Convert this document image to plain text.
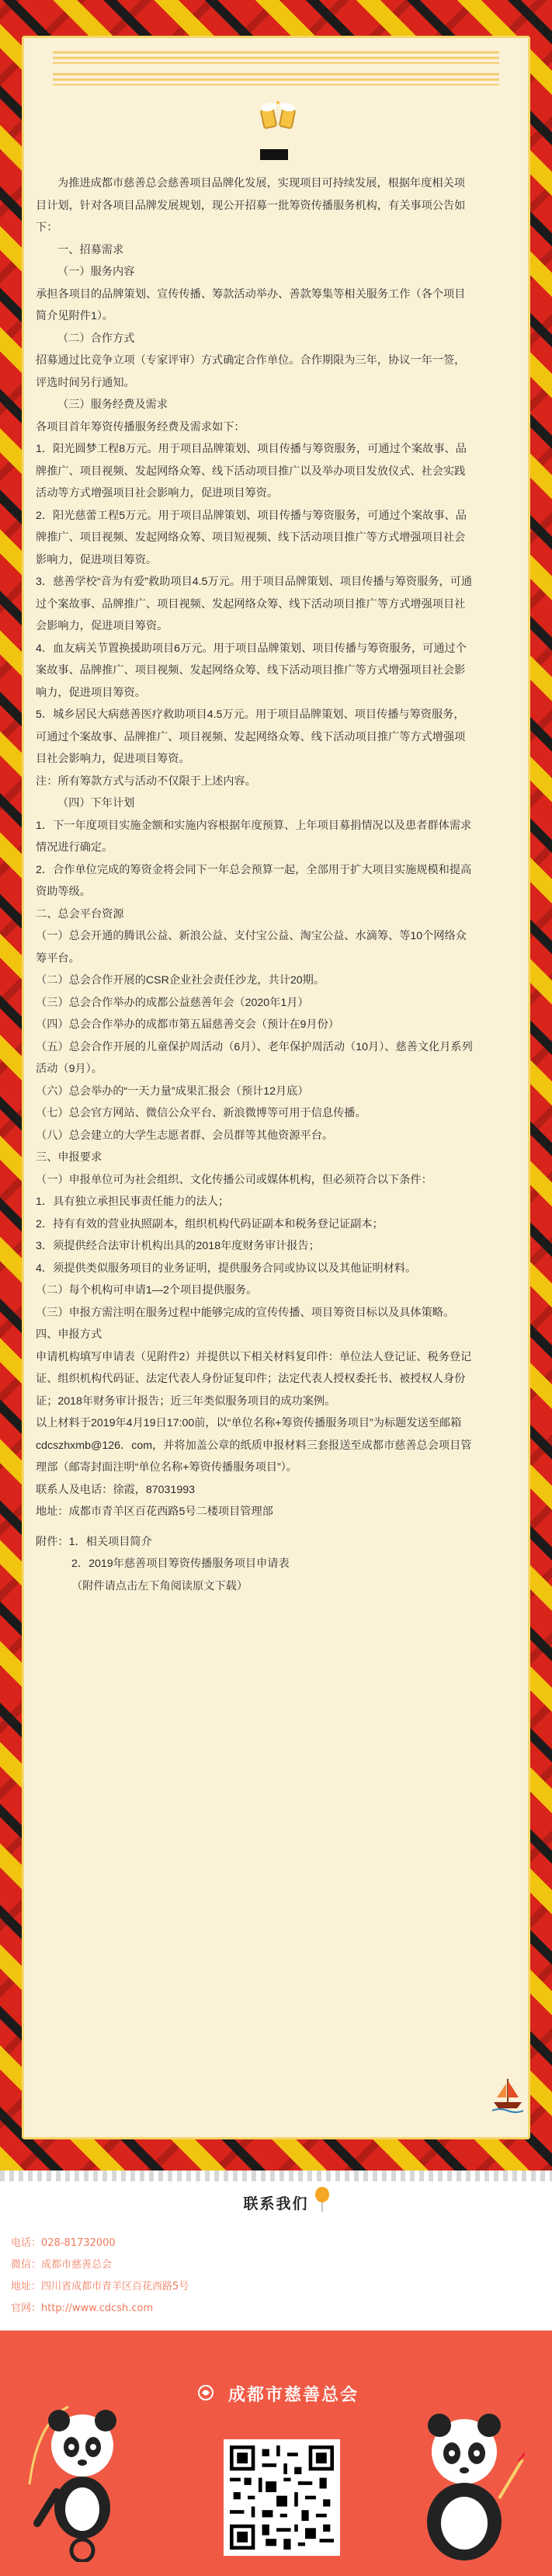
为推进成都市慈善总会慈善项目品牌化发展，实现项目可持续发展，根据年度相关项目计划，针对各项目品牌发展规划，现公开招募一批筹资传播服务机构，有关事项公告如下：

一、招募需求

（一）服务内容

承担各项目的品牌策划、宣传传播、筹款活动举办、善款筹集等相关服务工作（各个项目简介见附件1）。

（二）合作方式

招募通过比竞争立项（专家评审）方式确定合作单位。合作期限为三年，协议一年一签，评选时间另行通知。

（三）服务经费及需求

各项目首年筹资传播服务经费及需求如下：

1．阳光圆梦工程8万元。用于项目品牌策划、项目传播与筹资服务，可通过个案故事、品牌推广、项目视频、发起网络众筹、线下活动项目推广以及举办项目发放仪式、社会实践活动等方式增强项目社会影响力，促进项目筹资。

2．阳光慈蕾工程5万元。用于项目品牌策划、项目传播与筹资服务，可通过个案故事、品牌推广、项目视频、发起网络众筹、项目短视频、线下活动项目推广等方式增强项目社会影响力，促进项目筹资。

3．慈善学校“音为有爱”救助项目4.5万元。用于项目品牌策划、项目传播与筹资服务，可通过个案故事、品牌推广、项目视频、发起网络众筹、线下活动项目推广等方式增强项目社会影响力，促进项目筹资。

4．血友病关节置换援助项目6万元。用于项目品牌策划、项目传播与筹资服务，可通过个案故事、品牌推广、项目视频、发起网络众筹、线下活动项目推广等方式增强项目社会影响力，促进项目筹资。

5．城乡居民大病慈善医疗救助项目4.5万元。用于项目品牌策划、项目传播与筹资服务，可通过个案故事、品牌推广、项目视频、发起网络众筹、线下活动项目推广等方式增强项目社会影响力，促进项目筹资。

注：所有筹款方式与活动不仅限于上述内容。

（四）下年计划

1．下一年度项目实施金额和实施内容根据年度预算、上年项目募捐情况以及患者群体需求情况进行确定。

2．合作单位完成的筹资金将会同下一年总会预算一起，全部用于扩大项目实施规模和提高资助等级。

二、总会平台资源

（一）总会开通的腾讯公益、新浪公益、支付宝公益、淘宝公益、水滴筹、等10个网络众筹平台。

（二）总会合作开展的CSR企业社会责任沙龙，共计20期。

（三）总会合作举办的成都公益慈善年会（2020年1月）

（四）总会合作举办的成都市第五届慈善交会（预计在9月份）

（五）总会合作开展的儿童保护周活动（6月）、老年保护周活动（10月）、慈善文化月系列活动（9月）。

（六）总会举办的“一天力量”成果汇报会（预计12月底）

（七）总会官方网站、微信公众平台、新浪微博等可用于信息传播。

（八）总会建立的大学生志愿者群、会员群等其他资源平台。

三、申报要求

（一）申报单位可为社会组织、文化传播公司或媒体机构，但必须符合以下条件：

1．具有独立承担民事责任能力的法人；

2．持有有效的营业执照副本，组织机构代码证副本和税务登记证副本；

3．须提供经合法审计机构出具的2018年度财务审计报告；

4．须提供类似服务项目的业务证明，提供服务合同或协议以及其他证明材料。

（二）每个机构可申请1—2个项目提供服务。

（三）申报方需注明在服务过程中能够完成的宣传传播、项目筹资目标以及具体策略。

四、申报方式

申请机构填写申请表（见附件2）并提供以下相关材料复印件：单位法人登记证、税务登记证、组织机构代码证、法定代表人身份证复印件；法定代表人授权委托书、被授权人身份证；2018年财务审计报告；近三年类似服务项目的成功案例。

以上材料于2019年4月19日17:00前，以“单位名称+筹资传播服务项目”为标题发送至邮箱cdcszhxmb@126．com，并将加盖公章的纸质申报材料三套报送至成都市慈善总会项目管理部（邮寄封面注明“单位名称+筹资传播服务项目”）。

联系人及电话：徐霞，87031993

地址：成都市青羊区百花西路5号二楼项目管理部

附件：1．相关项目简介

2．2019年慈善项目筹资传播服务项目申请表

（附件请点击左下角阅读原文下载）

联系我们
电话：028-81732000
微信：成都市慈善总会
地址：四川省成都市青羊区百花西路5号
官网：http://www.cdcsh.com
成都市慈善总会
